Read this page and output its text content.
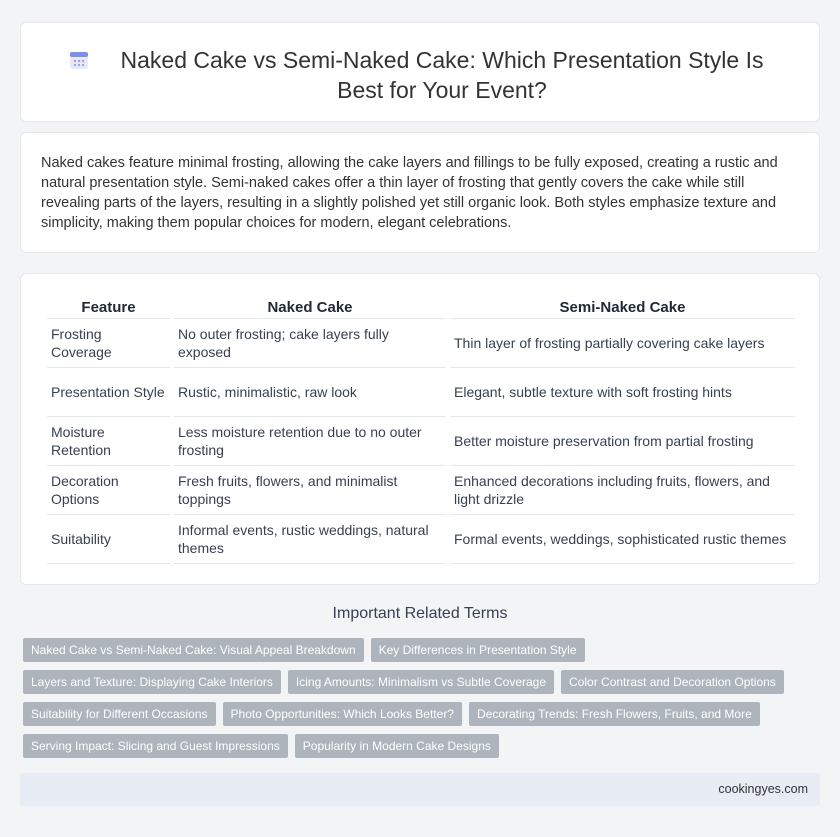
Naked Cake vs Semi-Naked Cake: Which Presentation Style Is Best for Your Event?

Naked cakes feature minimal frosting, allowing the cake layers and fillings to be fully exposed, creating a rustic and natural presentation style. Semi-naked cakes offer a thin layer of frosting that gently covers the cake while still revealing parts of the layers, resulting in a slightly polished yet still organic look. Both styles emphasize texture and simplicity, making them popular choices for modern, elegant celebrations.

Feature	Naked Cake	Semi-Naked Cake
Frosting Coverage	No outer frosting; cake layers fully exposed	Thin layer of frosting partially covering cake layers
Presentation Style	Rustic, minimalistic, raw look	Elegant, subtle texture with soft frosting hints
Moisture Retention	Less moisture retention due to no outer frosting	Better moisture preservation from partial frosting
Decoration Options	Fresh fruits, flowers, and minimalist toppings	Enhanced decorations including fruits, flowers, and light drizzle
Suitability	Informal events, rustic weddings, natural themes	Formal events, weddings, sophisticated rustic themes
Important Related Terms
Naked Cake vs Semi-Naked Cake: Visual Appeal Breakdown	Key Differences in Presentation Style
Layers and Texture: Displaying Cake Interiors	Icing Amounts: Minimalism vs Subtle Coverage	Color Contrast and Decoration Options
Suitability for Different Occasions	Photo Opportunities: Which Looks Better?	Decorating Trends: Fresh Flowers, Fruits, and More
Serving Impact: Slicing and Guest Impressions	Popularity in Modern Cake Designs
cookingyes.com
